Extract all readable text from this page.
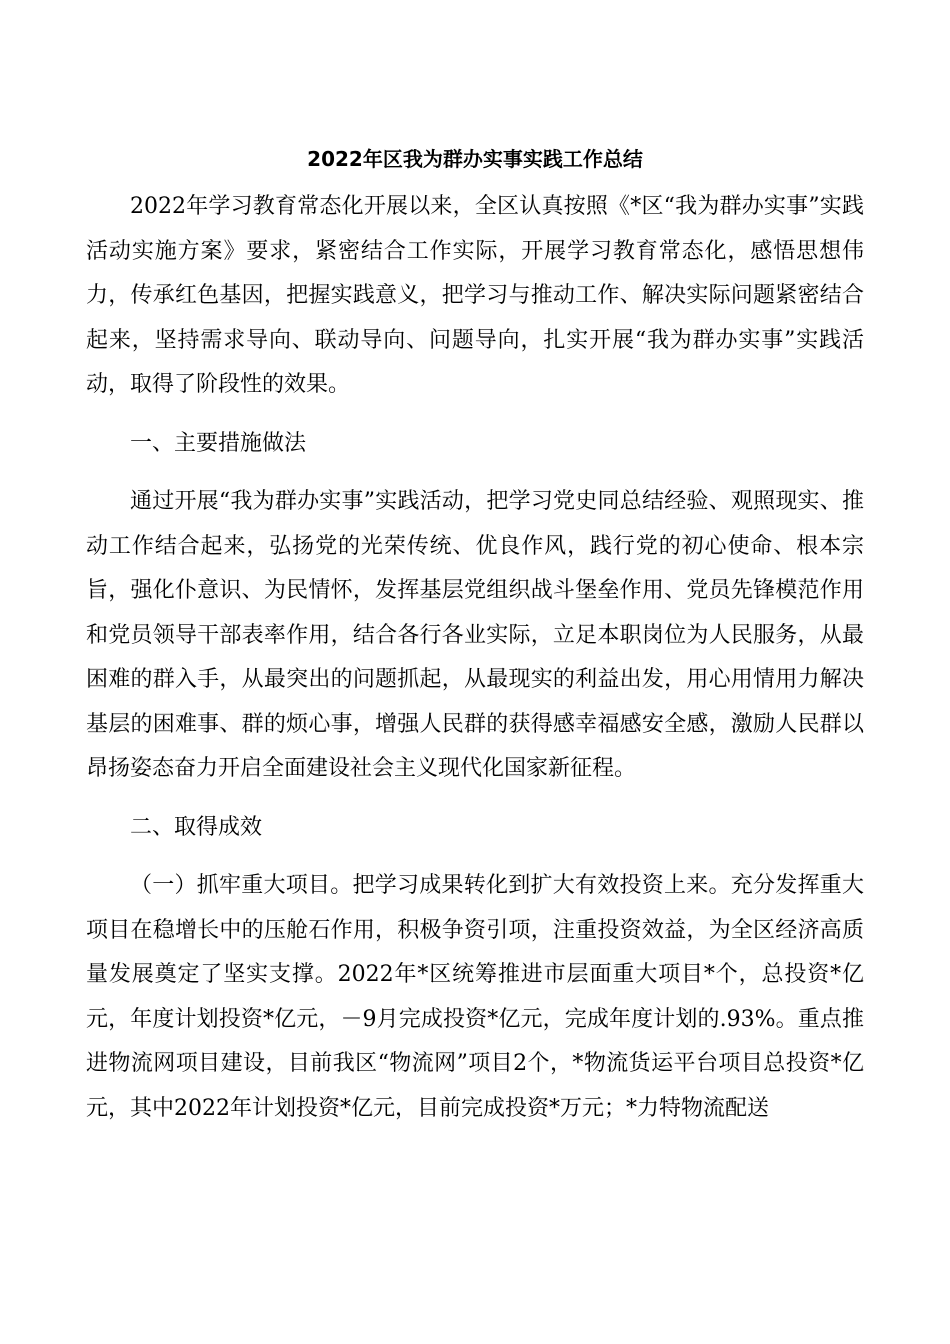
2022年区我为群办实事实践工作总结

2022年学习教育常态化开展以来，全区认真按照《*区“我为群办实事”实践活动实施方案》要求，紧密结合工作实际，开展学习教育常态化，感悟思想伟力，传承红色基因，把握实践意义，把学习与推动工作、解决实际问题紧密结合起来，坚持需求导向、联动导向、问题导向，扎实开展“我为群办实事”实践活动，取得了阶段性的效果。

一、主要措施做法

通过开展“我为群办实事”实践活动，把学习党史同总结经验、观照现实、推动工作结合起来，弘扬党的光荣传统、优良作风，践行党的初心使命、根本宗旨，强化仆意识、为民情怀，发挥基层党组织战斗堡垒作用、党员先锋模范作用和党员领导干部表率作用，结合各行各业实际，立足本职岗位为人民服务，从最困难的群入手，从最突出的问题抓起，从最现实的利益出发，用心用情用力解决基层的困难事、群的烦心事，增强人民群的获得感幸福感安全感，激励人民群以昂扬姿态奋力开启全面建设社会主义现代化国家新征程。

二、取得成效

（一）抓牢重大项目。把学习成果转化到扩大有效投资上来。充分发挥重大项目在稳增长中的压舱石作用，积极争资引项，注重投资效益，为全区经济高质量发展奠定了坚实支撑。2022年*区统筹推进市层面重大项目*个，总投资*亿元，年度计划投资*亿元，－9月完成投资*亿元，完成年度计划的.93%。重点推进物流网项目建设，目前我区“物流网”项目2个，*物流货运平台项目总投资*亿元，其中2022年计划投资*亿元，目前完成投资*万元；*力特物流配送
